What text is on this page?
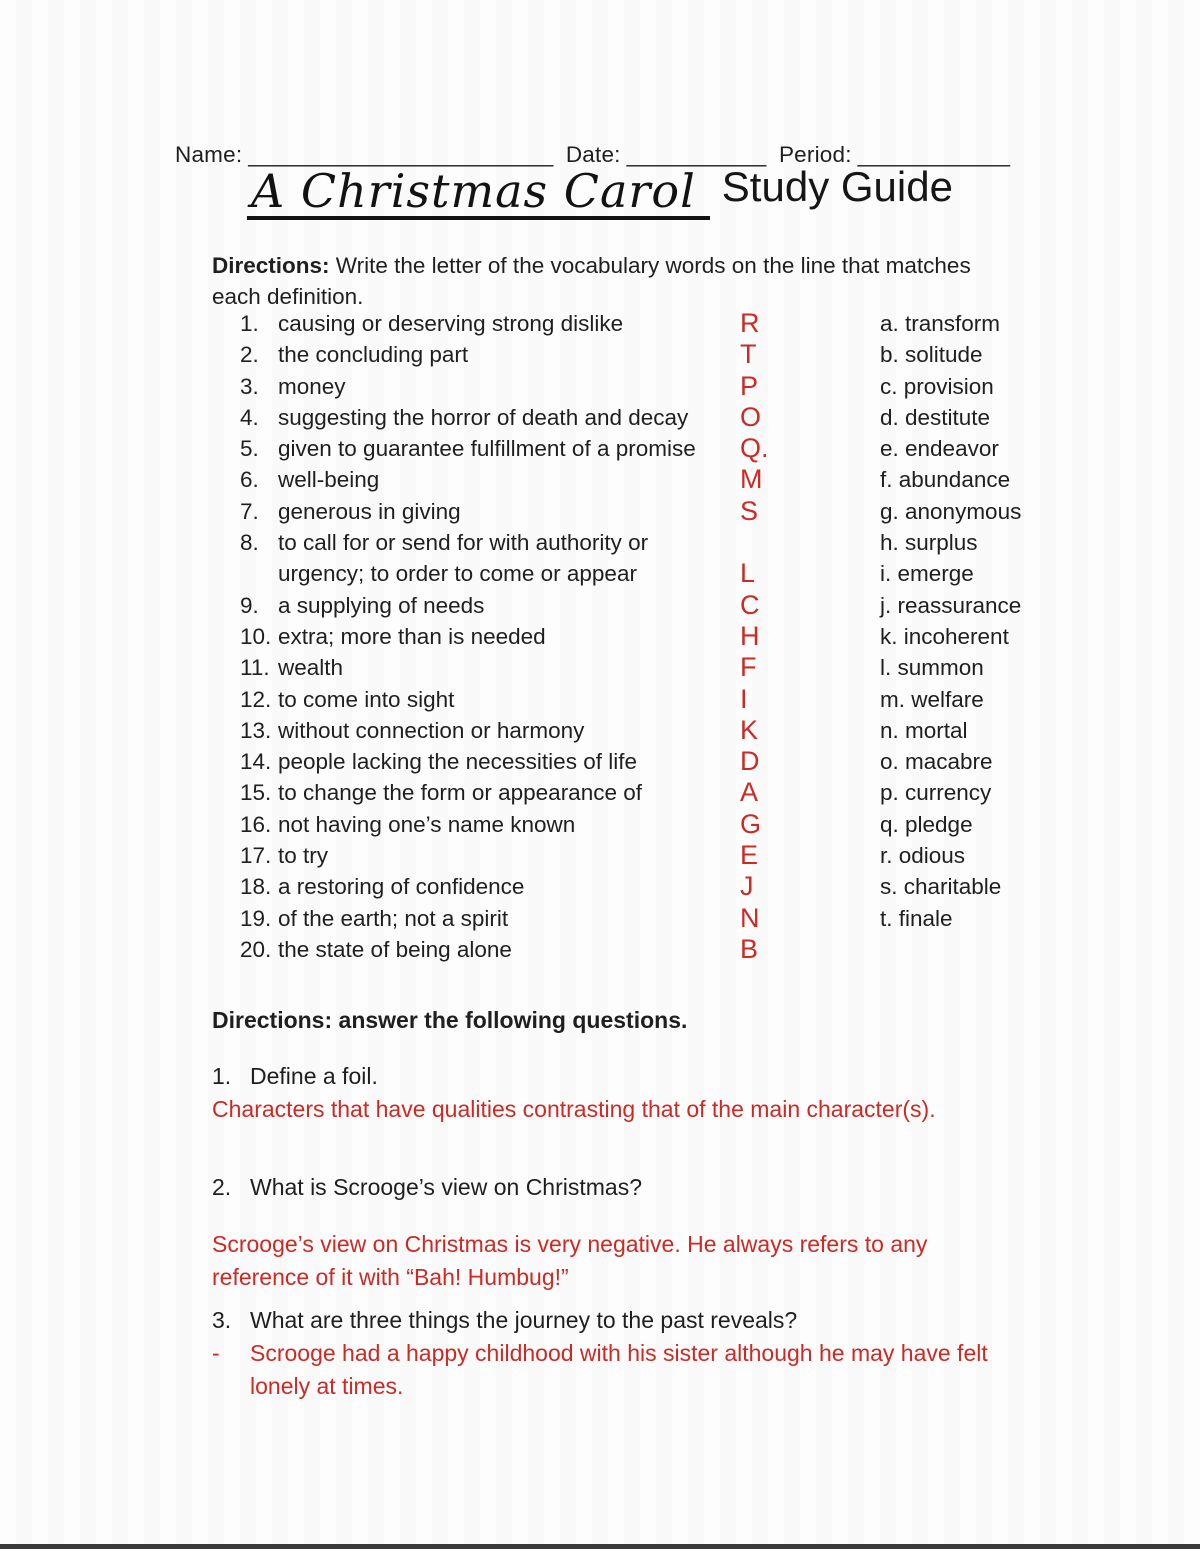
Name: ________________________ Date: ___________ Period: ____________
A Christmas Carol Study Guide
Directions: Write the letter of the vocabulary words on the line that matches each definition.
1. causing or deserving strong dislike	R	a. transform
2. the concluding part	T	b. solitude
3. money	P	c. provision
4. suggesting the horror of death and decay	O	d. destitute
5. given to guarantee fulfillment of a promise	Q.	e. endeavor
6. well-being	M	f. abundance
7. generous in giving	S	g. anonymous
8. to call for or send for with authority or	h. surplus
urgency; to order to come or appear	L	i. emerge
9. a supplying of needs	C	j. reassurance
10. extra; more than is needed	H	k. incoherent
11. wealth	F	l. summon
12. to come into sight	I	m. welfare
13. without connection or harmony	K	n. mortal
14. people lacking the necessities of life	D	o. macabre
15. to change the form or appearance of	A	p. currency
16. not having one’s name known	G	q. pledge
17. to try	E	r. odious
18. a restoring of confidence	J	s. charitable
19. of the earth; not a spirit	N	t. finale
20. the state of being alone	B
Directions: answer the following questions.
1. Define a foil.
Characters that have qualities contrasting that of the main character(s).
2. What is Scrooge’s view on Christmas?
Scrooge’s view on Christmas is very negative. He always refers to any reference of it with “Bah! Humbug!”
3. What are three things the journey to the past reveals?
-	Scrooge had a happy childhood with his sister although he may have felt lonely at times.
